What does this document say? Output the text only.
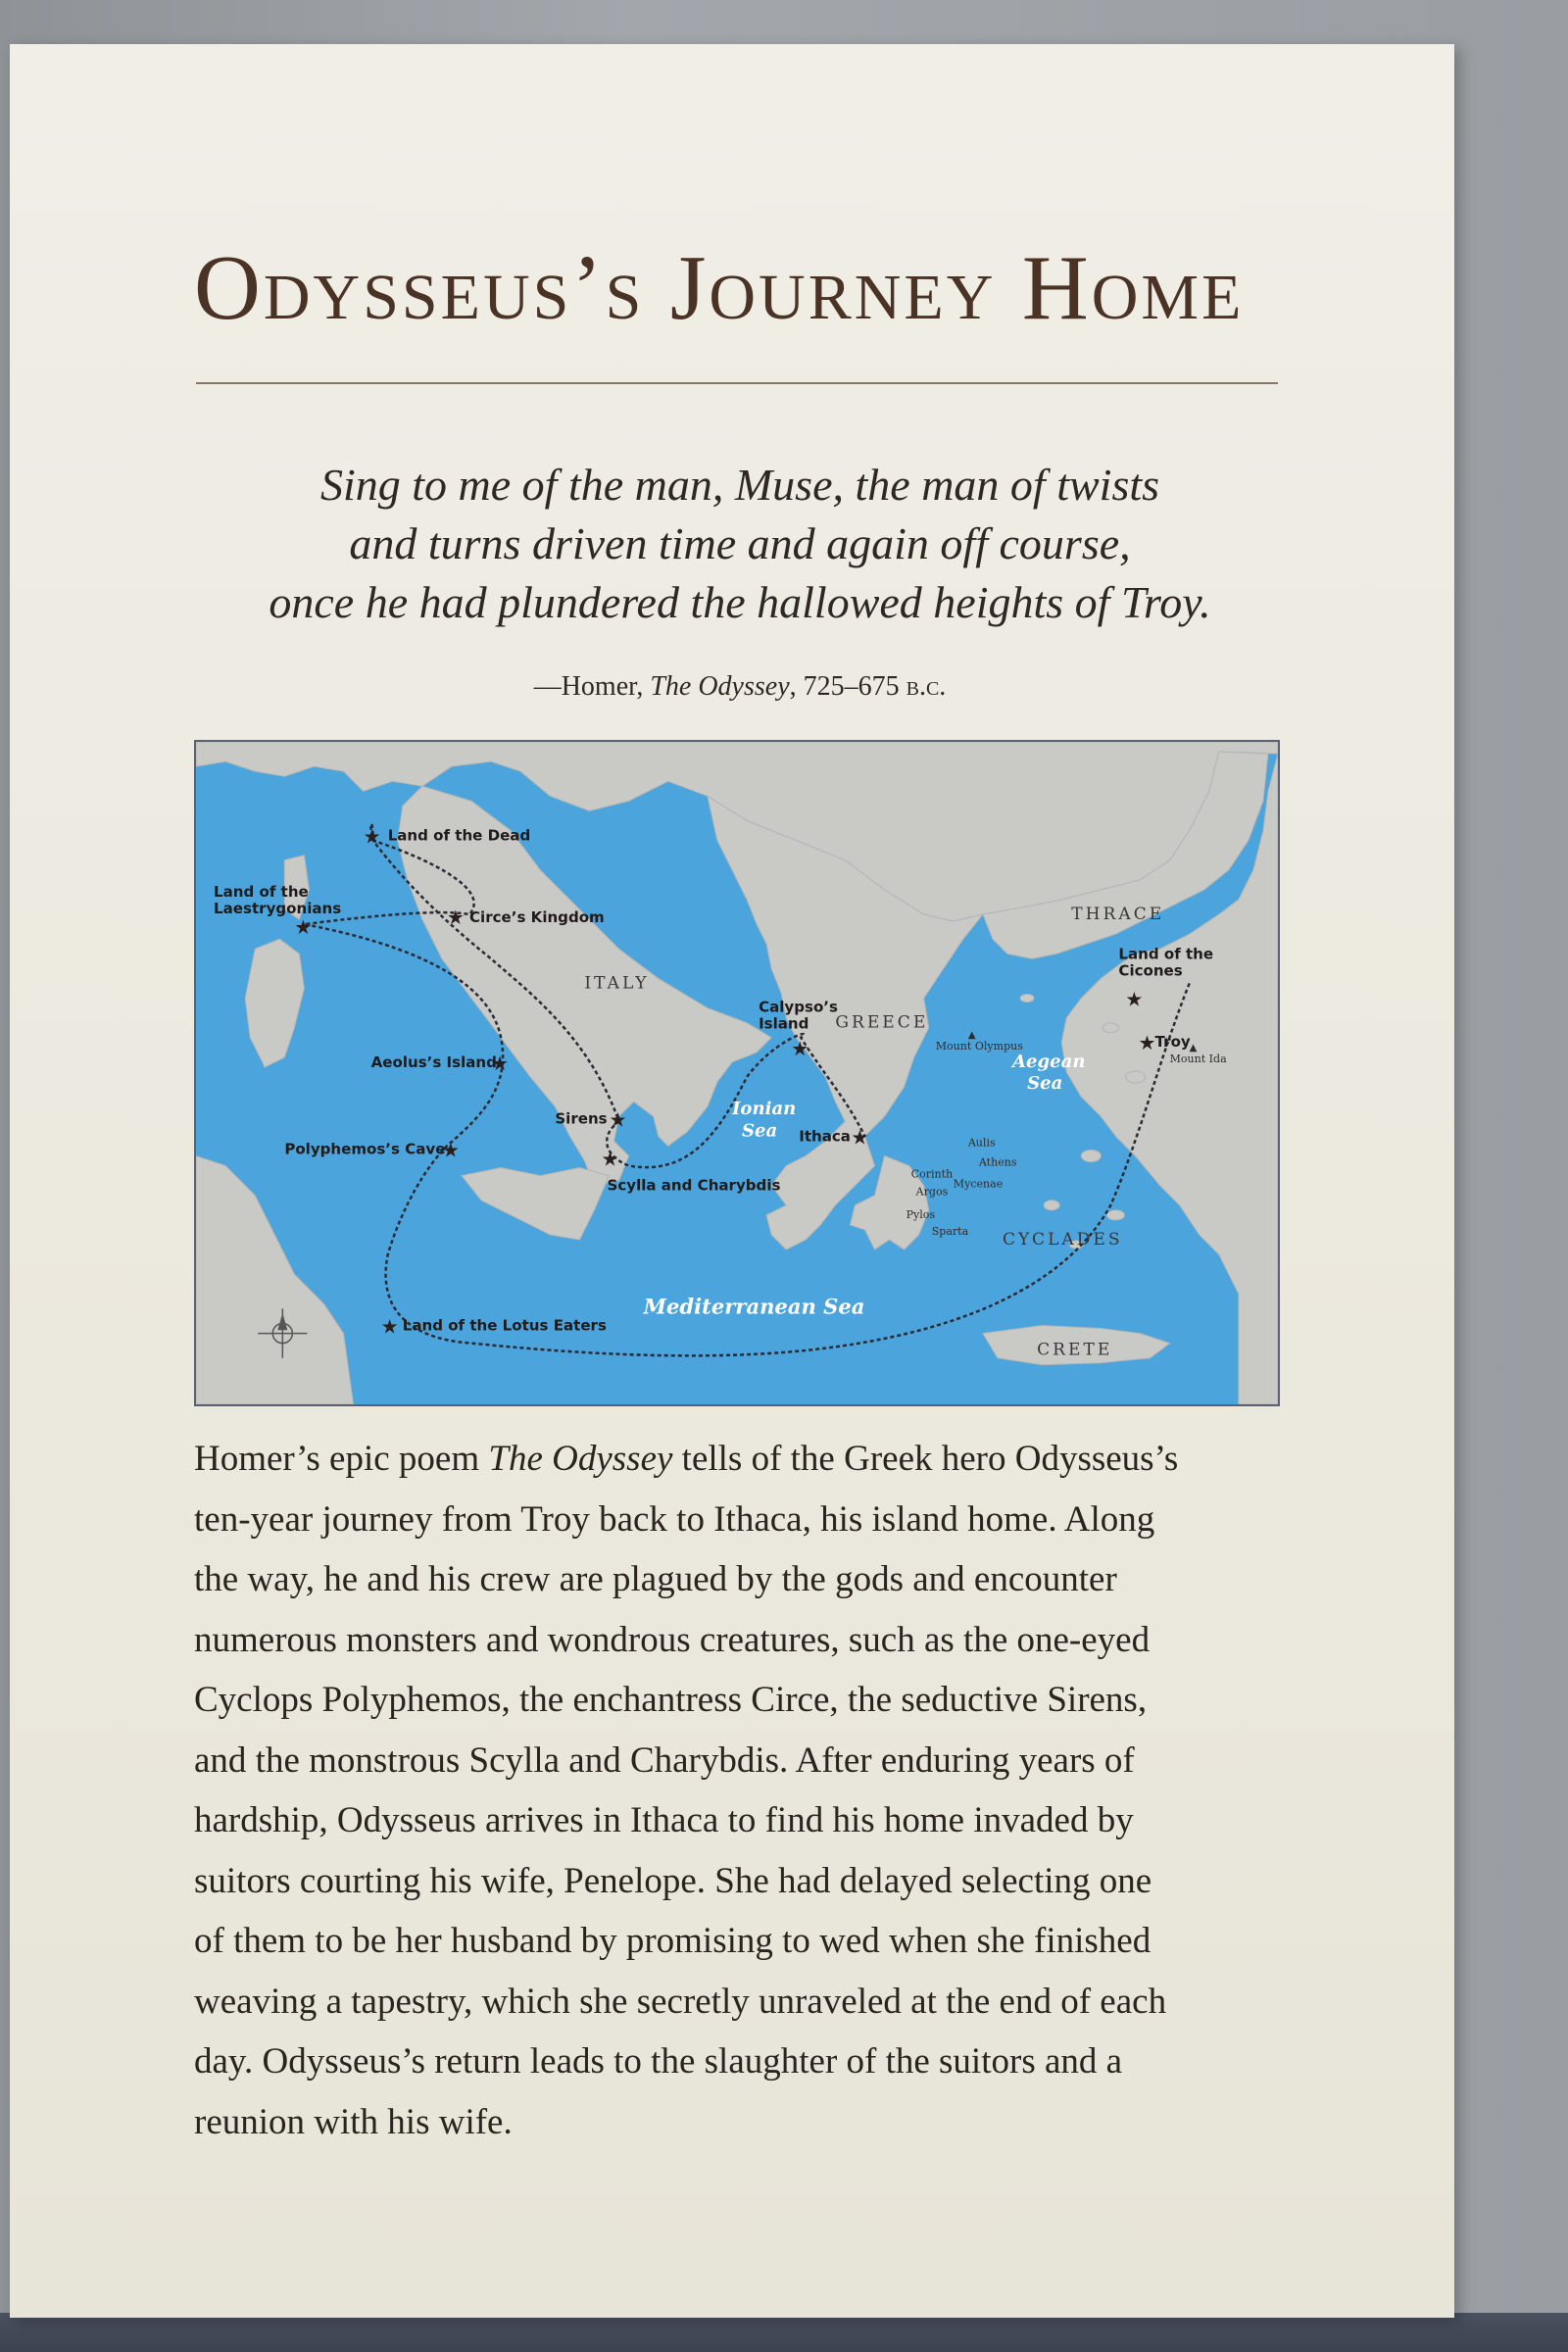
Odysseus’s Journey Home
Sing to me of the man, Muse, the man of twists
and turns driven time and again off course,
once he had plundered the hallowed heights of Troy.
—Homer, The Odyssey, 725–675 b.c.
★
★	★
★
★
★	★
★
★
★
★
★
Land of the Dead
Land of the
Laestrygonians
Circe’s Kingdom
Aeolus’s Island
Sirens
Polyphemos’s Cave
Scylla and Charybdis
Calypso’s
Island
Ithaca
Land of the Lotus Eaters
Troy
Land of the
Cicones
ITALY
GREECE
THRACE
CYCLADES
CRETE
Ionian
Sea
Aegean
Sea
Mediterranean Sea
Mount Olympus
▲
Mount Ida
▲
Aulis
Athens
Corinth
Mycenae
Argos
Pylos
Sparta
Homer’s epic poem The Odyssey tells of the Greek hero Odysseus’s
ten-year journey from Troy back to Ithaca, his island home. Along
the way, he and his crew are plagued by the gods and encounter
numerous monsters and wondrous creatures, such as the one-eyed
Cyclops Polyphemos, the enchantress Circe, the seductive Sirens,
and the monstrous Scylla and Charybdis. After enduring years of
hardship, Odysseus arrives in Ithaca to find his home invaded by
suitors courting his wife, Penelope. She had delayed selecting one
of them to be her husband by promising to wed when she finished
weaving a tapestry, which she secretly unraveled at the end of each
day. Odysseus’s return leads to the slaughter of the suitors and a
reunion with his wife.
